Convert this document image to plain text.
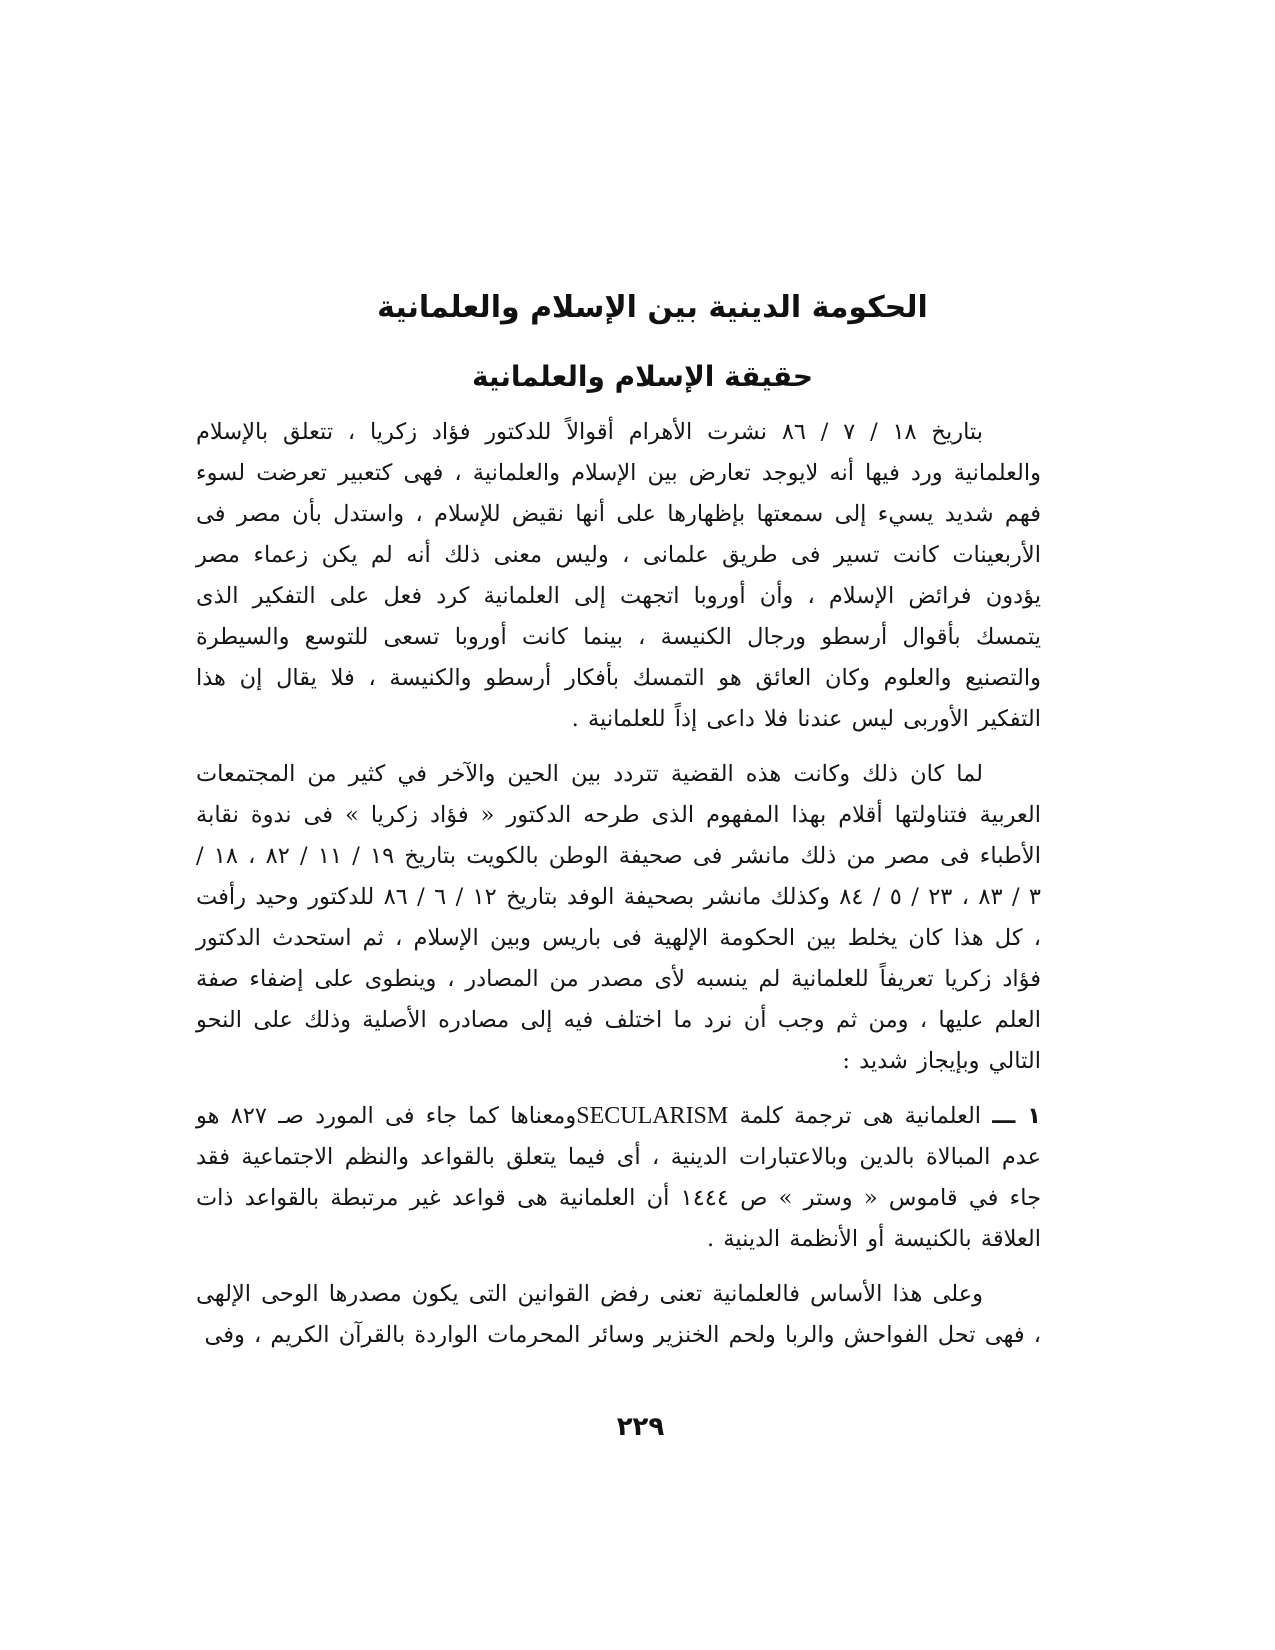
الحكومة الدينية بين الإسلام والعلمانية
حقيقة الإسلام والعلمانية

بتاريخ ١٨ / ٧ / ٨٦ نشرت الأهرام أقوالاً للدكتور فؤاد زكريا ، تتعلق بالإسلام والعلمانية ورد فيها أنه لايوجد تعارض بين الإسلام والعلمانية ، فهى كتعبير تعرضت لسوء فهم شديد يسيء إلى سمعتها بإظهارها على أنها نقيض للإسلام ، واستدل بأن مصر فى الأربعينات كانت تسير فى طريق علمانى ، وليس معنى ذلك أنه لم يكن زعماء مصر يؤدون فرائض الإسلام ، وأن أوروبا اتجهت إلى العلمانية كرد فعل على التفكير الذى يتمسك بأقوال أرسطو ورجال الكنيسة ، بينما كانت أوروبا تسعى للتوسع والسيطرة والتصنيع والعلوم وكان العائق هو التمسك بأفكار أرسطو والكنيسة ، فلا يقال إن هذا التفكير الأوربى ليس عندنا فلا داعى إذاً للعلمانية .

لما كان ذلك وكانت هذه القضية تتردد بين الحين والآخر في كثير من المجتمعات العربية فتناولتها أقلام بهذا المفهوم الذى طرحه الدكتور « فؤاد زكريا » فى ندوة نقابة الأطباء فى مصر من ذلك مانشر فى صحيفة الوطن بالكويت بتاريخ ١٩ / ١١ / ٨٢ ، ١٨ / ٣ / ٨٣ ، ٢٣ / ٥ / ٨٤ وكذلك مانشر بصحيفة الوفد بتاريخ ١٢ / ٦ / ٨٦ للدكتور وحيد رأفت ، كل هذا كان يخلط بين الحكومة الإلهية فى باريس وبين الإسلام ، ثم استحدث الدكتور فؤاد زكريا تعريفاً للعلمانية لم ينسبه لأى مصدر من المصادر ، وينطوى على إضفاء صفة العلم عليها ، ومن ثم وجب أن نرد ما اختلف فيه إلى مصادره الأصلية وذلك على النحو التالي وبإيجاز شديد :

١ ـــ العلمانية هى ترجمة كلمة SECULARISMومعناها كما جاء فى المورد صـ ٨٢٧ هو عدم المبالاة بالدين وبالاعتبارات الدينية ، أى فيما يتعلق بالقواعد والنظم الاجتماعية فقد جاء في قاموس « وستر » ص ١٤٤٤ أن العلمانية هى قواعد غير مرتبطة بالقواعد ذات العلاقة بالكنيسة أو الأنظمة الدينية .

وعلى هذا الأساس فالعلمانية تعنى رفض القوانين التى يكون مصدرها الوحى الإلهى ، فهى تحل الفواحش والربا ولحم الخنزير وسائر المحرمات الواردة بالقرآن الكريم ، وفى

٢٢٩
